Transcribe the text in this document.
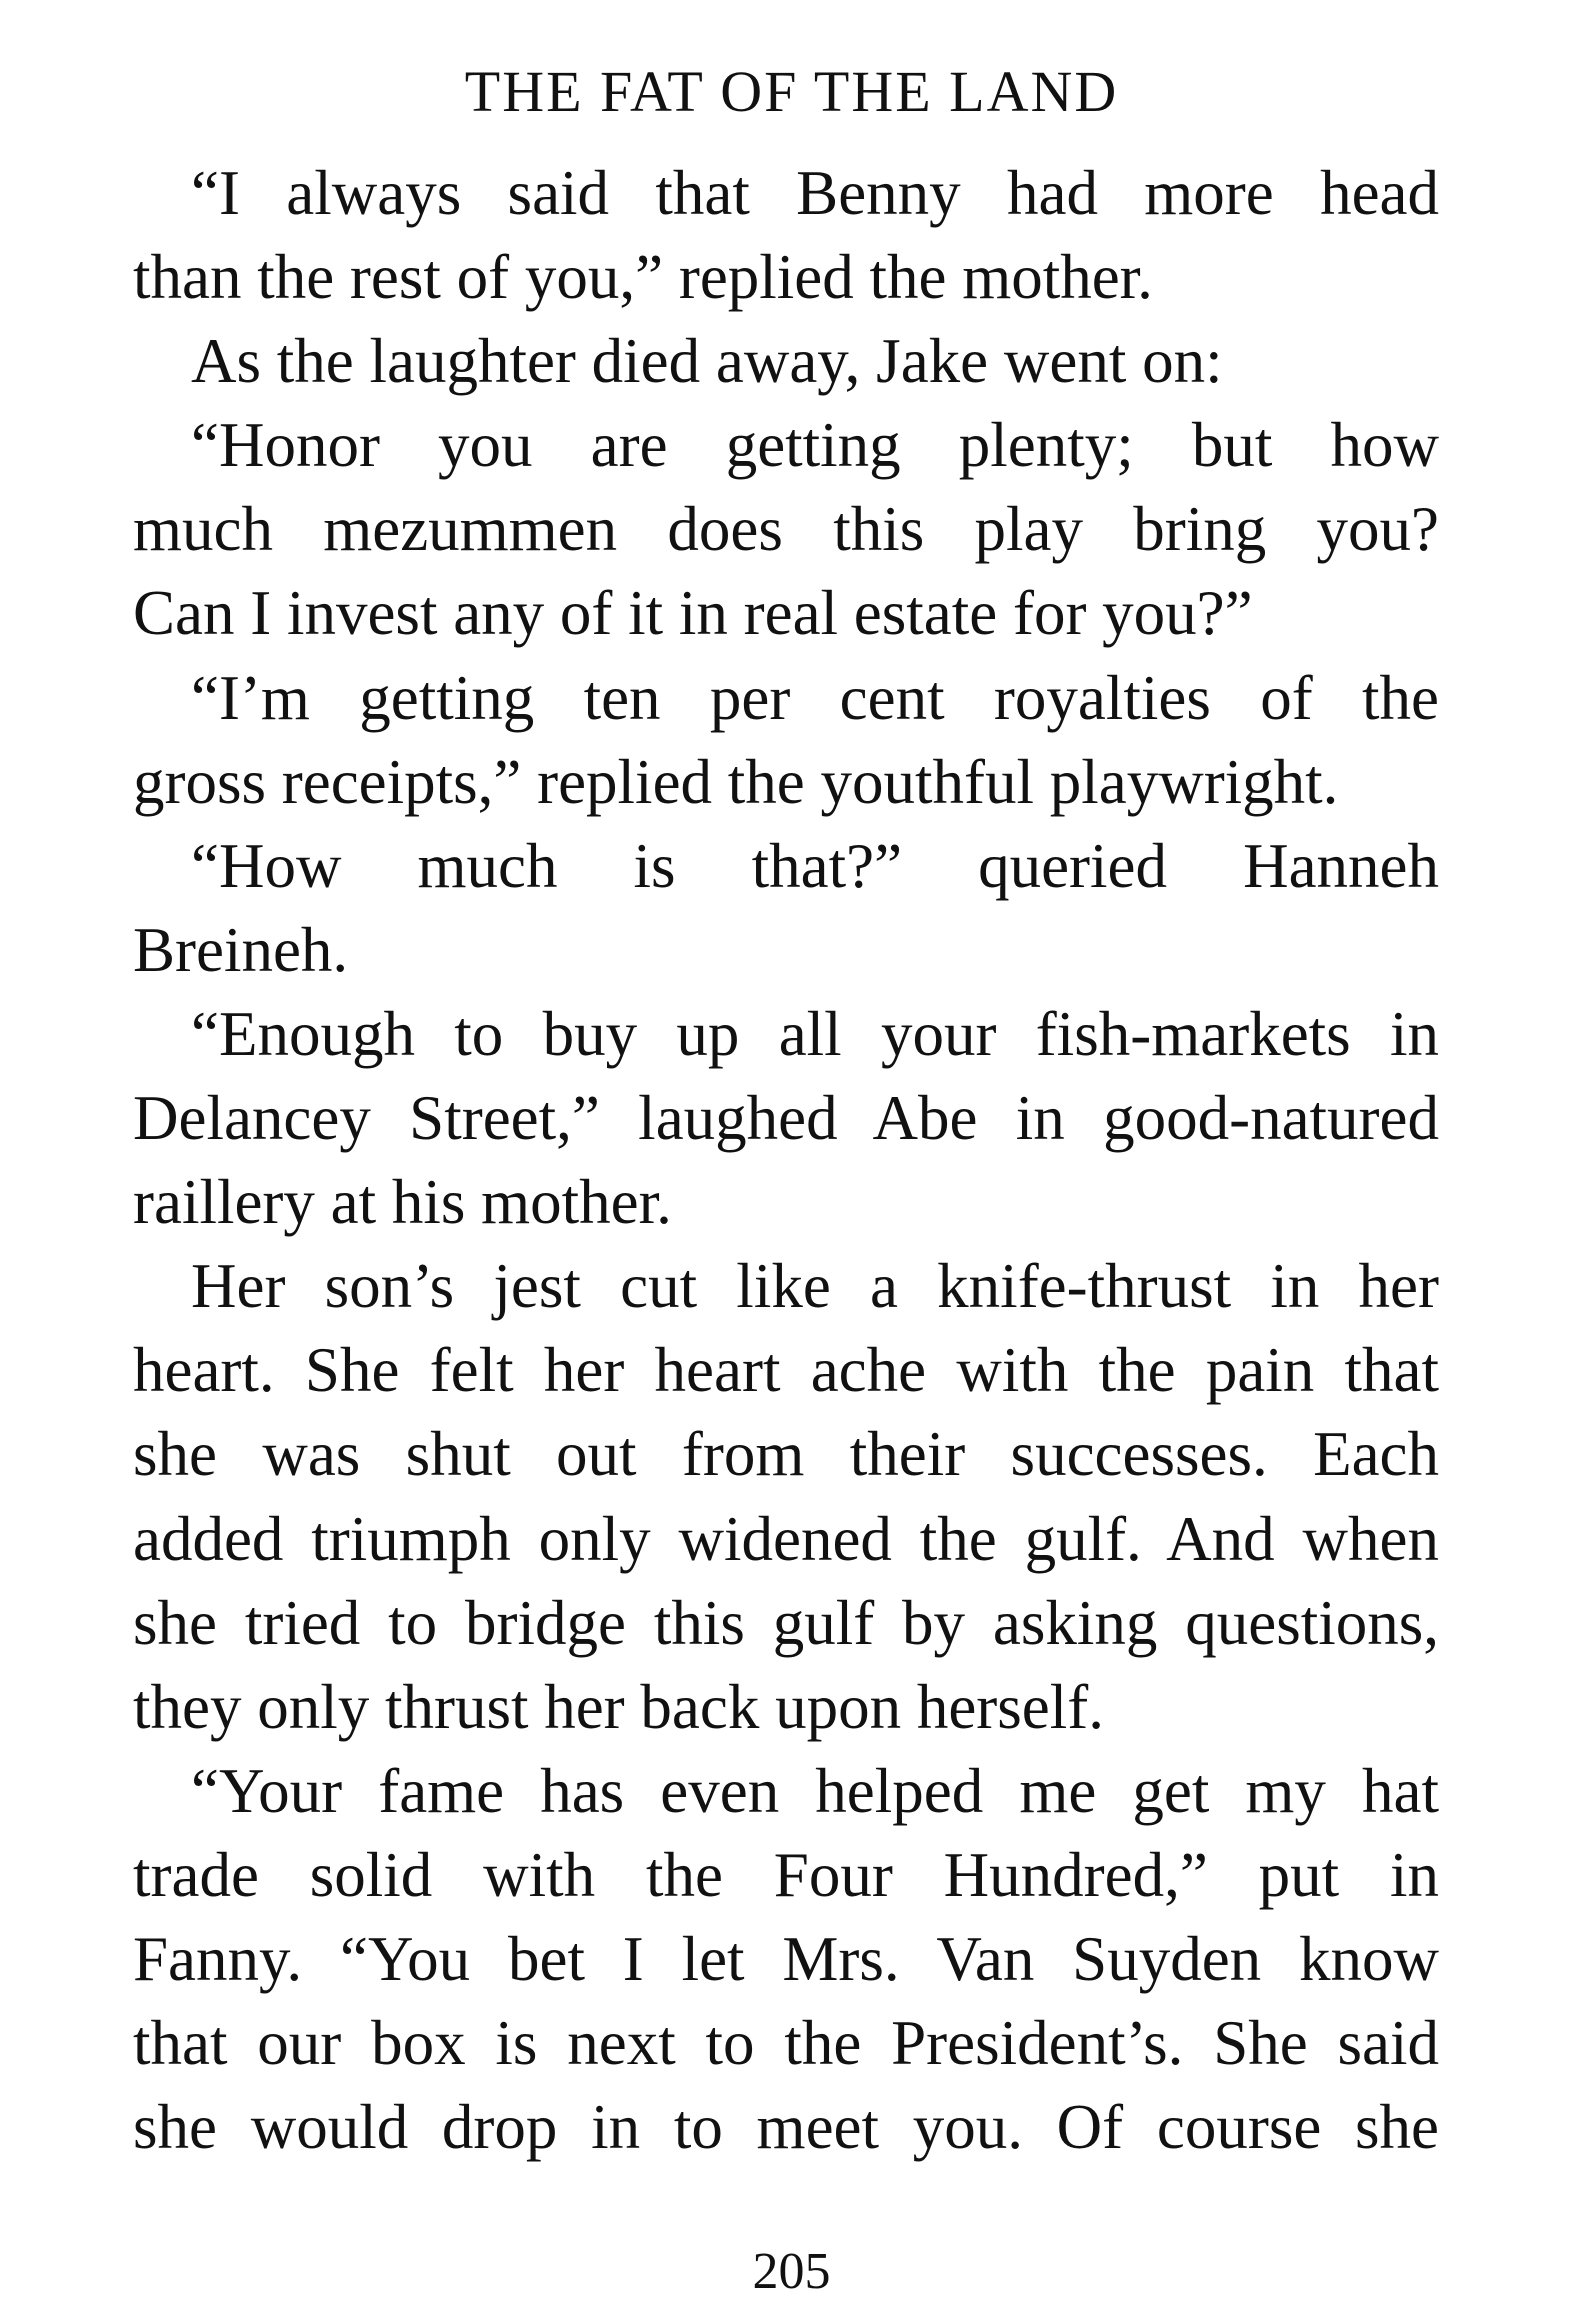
THE FAT OF THE LAND
“I always said that Benny had more head
than the rest of you,” replied the mother.
As the laughter died away, Jake went on:
“Honor you are getting plenty; but how
much mezummen does this play bring you?
Can I invest any of it in real estate for you?”
“I’m getting ten per cent royalties of the
gross receipts,” replied the youthful playwright.
“How much is that?” queried Hanneh
Breineh.
“Enough to buy up all your fish-markets in
Delancey Street,” laughed Abe in good-natured
raillery at his mother.
Her son’s jest cut like a knife-thrust in her
heart. She felt her heart ache with the pain that
she was shut out from their successes. Each
added triumph only widened the gulf. And when
she tried to bridge this gulf by asking questions,
they only thrust her back upon herself.
“Your fame has even helped me get my hat
trade solid with the Four Hundred,” put in
Fanny. “You bet I let Mrs. Van Suyden know
that our box is next to the President’s. She said
she would drop in to meet you. Of course she
205
